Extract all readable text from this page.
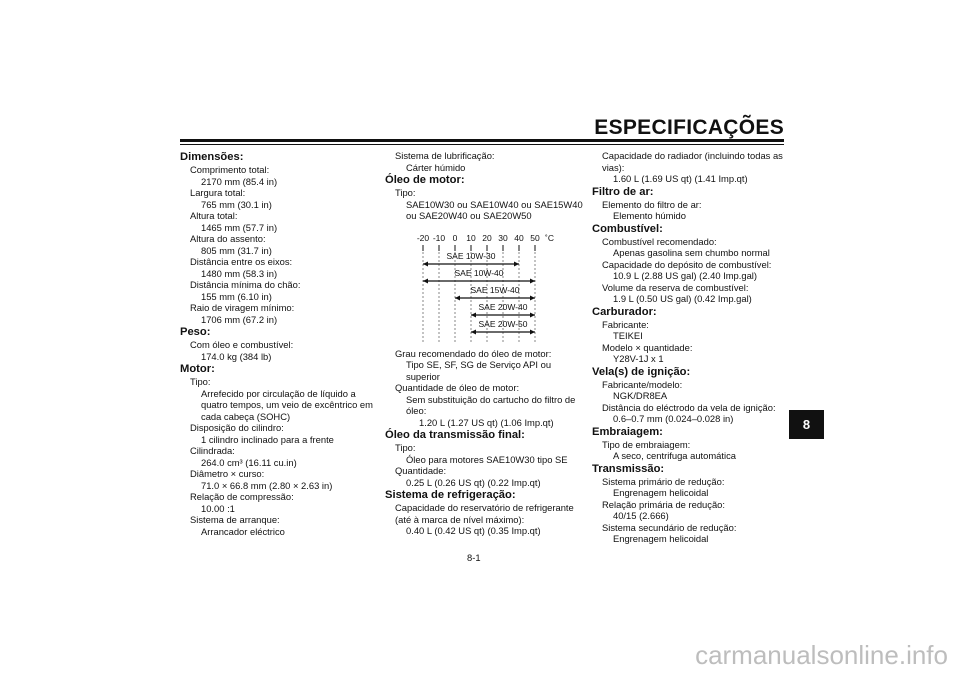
ESPECIFICAÇÕES
8
Dimensões:
Comprimento total:
2170 mm (85.4 in)
Largura total:
765 mm (30.1 in)
Altura total:
1465 mm (57.7 in)
Altura do assento:
805 mm (31.7 in)
Distância entre os eixos:
1480 mm (58.3 in)
Distância mínima do chão:
155 mm (6.10 in)
Raio de viragem mínimo:
1706 mm (67.2 in)
Peso:
Com óleo e combustível:
174.0 kg (384 lb)
Motor:
Tipo:
Arrefecido por circulação de líquido a
quatro tempos, um veio de excêntrico em
cada cabeça (SOHC)
Disposição do cilindro:
1 cilindro inclinado para a frente
Cilindrada:
264.0 cm³ (16.11 cu.in)
Diâmetro × curso:
71.0 × 66.8 mm (2.80 × 2.63 in)
Relação de compressão:
10.00 :1
Sistema de arranque:
Arrancador eléctrico
Sistema de lubrificação:
Cárter húmido
Óleo de motor:
Tipo:
SAE10W30 ou SAE10W40 ou SAE15W40
ou SAE20W40 ou SAE20W50
-20 -10 0 10 20 30 40 50 ˚C
SAE 10W-30
SAE 10W-40
SAE 15W-40
SAE 20W-40
SAE 20W-50
Grau recomendado do óleo de motor:
Tipo SE, SF, SG de Serviço API ou
superior
Quantidade de óleo de motor:
Sem substituição do cartucho do filtro de
óleo:
1.20 L (1.27 US qt) (1.06 Imp.qt)
Óleo da transmissão final:
Tipo:
Óleo para motores SAE10W30 tipo SE
Quantidade:
0.25 L (0.26 US qt) (0.22 Imp.qt)
Sistema de refrigeração:
Capacidade do reservatório de refrigerante
(até à marca de nível máximo):
0.40 L (0.42 US qt) (0.35 Imp.qt)
Capacidade do radiador (incluindo todas as
vias):
1.60 L (1.69 US qt) (1.41 Imp.qt)
Filtro de ar:
Elemento do filtro de ar:
Elemento húmido
Combustível:
Combustível recomendado:
Apenas gasolina sem chumbo normal
Capacidade do depósito de combustível:
10.9 L (2.88 US gal) (2.40 Imp.gal)
Volume da reserva de combustível:
1.9 L (0.50 US gal) (0.42 Imp.gal)
Carburador:
Fabricante:
TEIKEI
Modelo × quantidade:
Y28V-1J x 1
Vela(s) de ignição:
Fabricante/modelo:
NGK/DR8EA
Distância do eléctrodo da vela de ignição:
0.6–0.7 mm (0.024–0.028 in)
Embraiagem:
Tipo de embraiagem:
A seco, centrifuga automática
Transmissão:
Sistema primário de redução:
Engrenagem helicoidal
Relação primária de redução:
40/15 (2.666)
Sistema secundário de redução:
Engrenagem helicoidal
8-1
carmanualsonline.info
